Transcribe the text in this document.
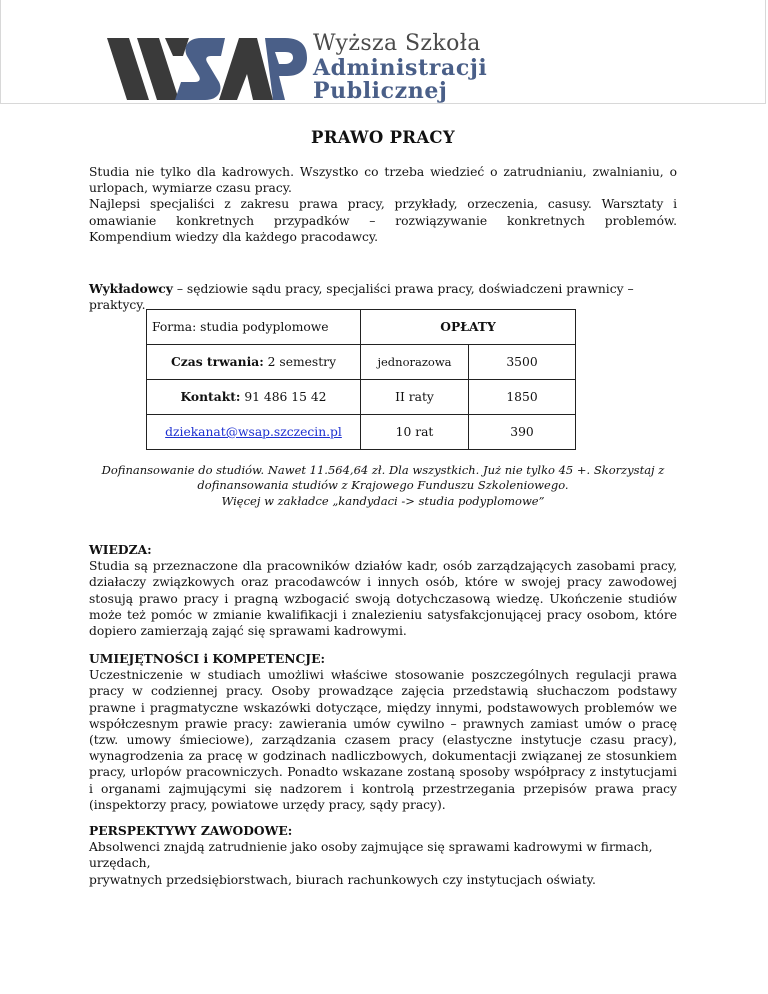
Wyższa Szkoła
Administracji
Publicznej
PRAWO PRACY

Studia nie tylko dla kadrowych. Wszystko co trzeba wiedzieć o zatrudnianiu, zwalnianiu, o urlopach, wymiarze czasu pracy.

Najlepsi specjaliści z zakresu prawa pracy, przykłady, orzeczenia, casusy. Warsztaty i omawianie konkretnych przypadków – rozwiązywanie konkretnych problemów.

Kompendium wiedzy dla każdego pracodawcy.

Wykładowcy – sędziowie sądu pracy, specjaliści prawa pracy, doświadczeni prawnicy – praktycy.
Forma: studia podyplomowe	OPŁATY	
Czas trwania: 2 semestry	jednorazowa	3500
Kontakt: 91 486 15 42	II raty	1850
dziekanat@wsap.szczecin.pl	10 rat	390
Dofinansowanie do studiów. Nawet 11.564,64 zł. Dla wszystkich. Już nie tylko 45 +. Skorzystaj z
dofinansowania studiów z Krajowego Funduszu Szkoleniowego.
Więcej w zakładce „kandydaci -> studia podyplomowe”
WIEDZA:

Studia są przeznaczone dla pracowników działów kadr, osób zarządzających zasobami pracy, działaczy związkowych oraz pracodawców i innych osób, które w swojej pracy zawodowej stosują prawo pracy i pragną wzbogacić swoją dotychczasową wiedzę. Ukończenie studiów może też pomóc w zmianie kwalifikacji i znalezieniu satysfakcjonującej pracy osobom, które dopiero zamierzają zająć się sprawami kadrowymi.

UMIEJĘTNOŚCI i KOMPETENCJE:

Uczestniczenie w studiach umożliwi właściwe stosowanie poszczególnych regulacji prawa pracy w codziennej pracy. Osoby prowadzące zajęcia przedstawią słuchaczom podstawy prawne i pragmatyczne wskazówki dotyczące, między innymi, podstawowych problemów we współczesnym prawie pracy: zawierania umów cywilno – prawnych zamiast umów o pracę (tzw. umowy śmieciowe), zarządzania czasem pracy (elastyczne instytucje czasu pracy), wynagrodzenia za pracę w godzinach nadliczbowych, dokumentacji związanej ze stosunkiem pracy, urlopów pracowniczych. Ponadto wskazane zostaną sposoby współpracy z instytucjami i organami zajmującymi się nadzorem i kontrolą przestrzegania przepisów prawa pracy (inspektorzy pracy, powiatowe urzędy pracy, sądy pracy).

PERSPEKTYWY ZAWODOWE:
Absolwenci znajdą zatrudnienie jako osoby zajmujące się sprawami kadrowymi w firmach, urzędach,
prywatnych przedsiębiorstwach, biurach rachunkowych czy instytucjach oświaty.
